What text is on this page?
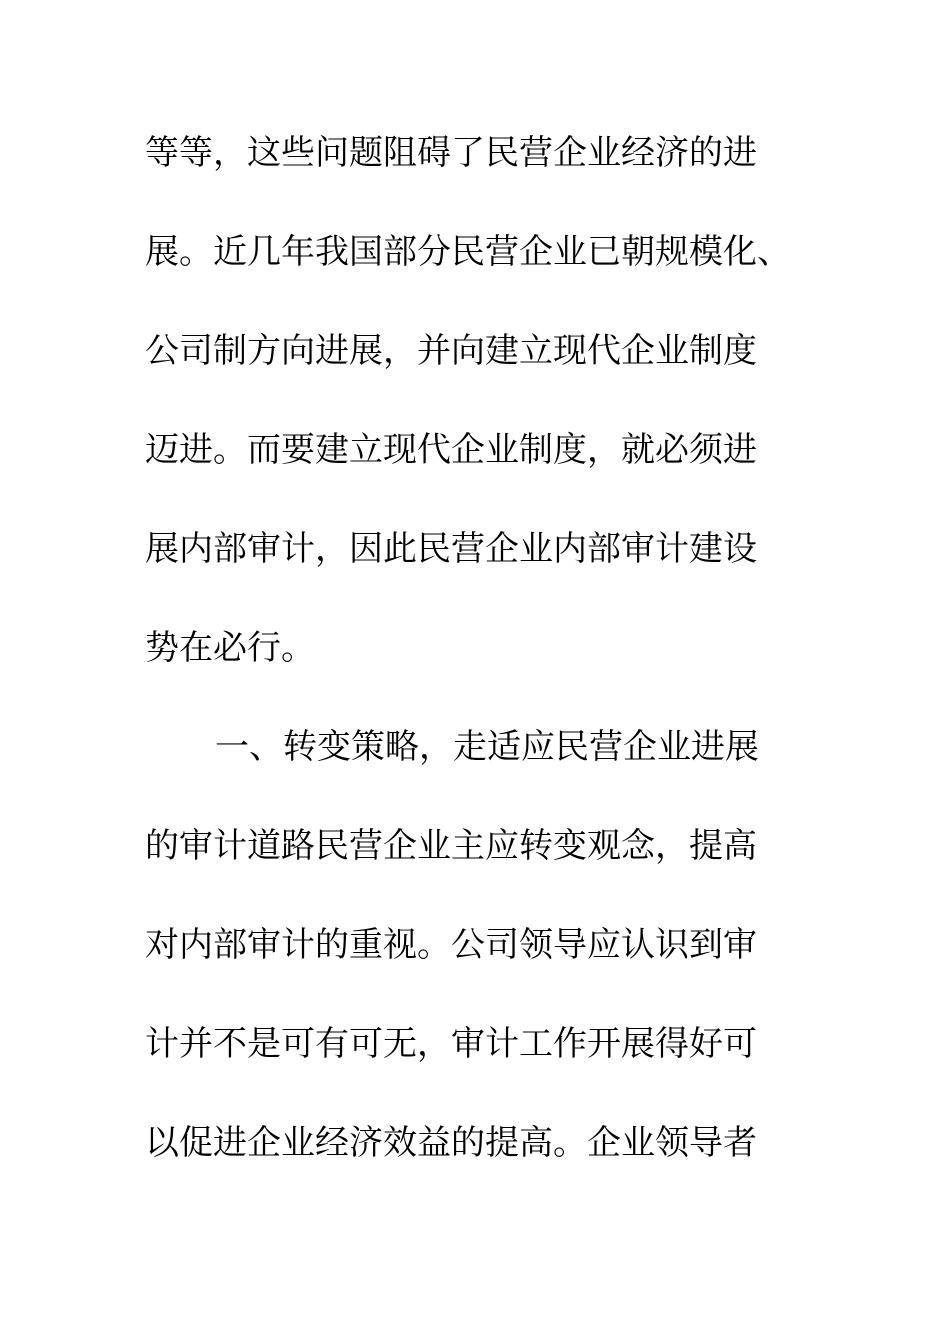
等等，这些问题阻碍了民营企业经济的进
展。近几年我国部分民营企业已朝规模化、
公司制方向进展，并向建立现代企业制度
迈进。而要建立现代企业制度，就必须进
展内部审计，因此民营企业内部审计建设
势在必行。
一、转变策略，走适应民营企业进展
的审计道路民营企业主应转变观念，提高
对内部审计的重视。公司领导应认识到审
计并不是可有可无，审计工作开展得好可
以促进企业经济效益的提高。企业领导者
